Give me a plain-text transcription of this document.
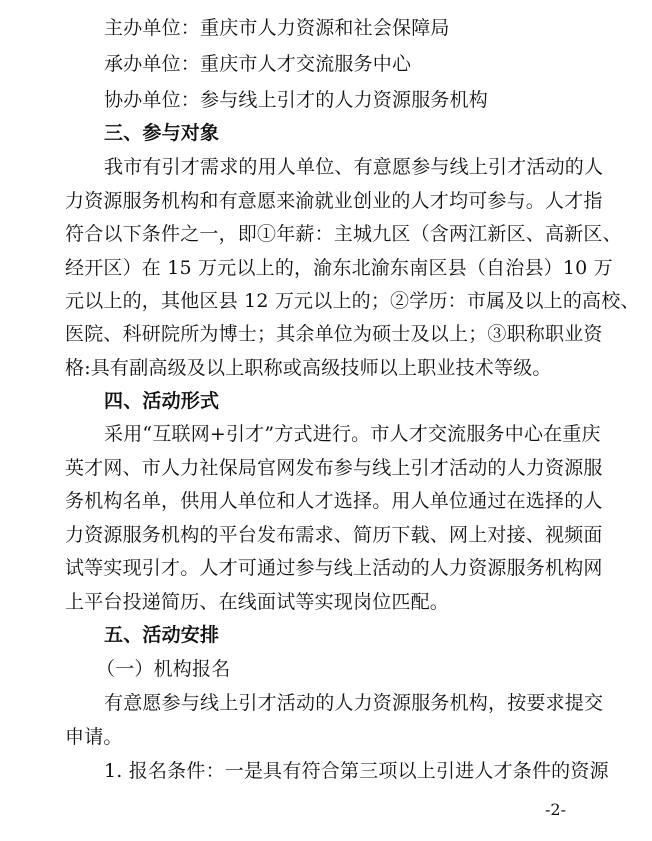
主办单位：重庆市人力资源和社会保障局
承办单位：重庆市人才交流服务中心
协办单位：参与线上引才的人力资源服务机构
三、参与对象
我市有引才需求的用人单位、有意愿参与线上引才活动的人
力资源服务机构和有意愿来渝就业创业的人才均可参与。人才指
符合以下条件之一，即①年薪：主城九区（含两江新区、高新区、
经开区）在 15 万元以上的，渝东北渝东南区县（自治县）10 万
元以上的，其他区县 12 万元以上的；②学历：市属及以上的高校、
医院、科研院所为博士；其余单位为硕士及以上；③职称职业资
格:具有副高级及以上职称或高级技师以上职业技术等级。
四、活动形式
采用“互联网+引才”方式进行。市人才交流服务中心在重庆
英才网、市人力社保局官网发布参与线上引才活动的人力资源服
务机构名单，供用人单位和人才选择。用人单位通过在选择的人
力资源服务机构的平台发布需求、简历下载、网上对接、视频面
试等实现引才。人才可通过参与线上活动的人力资源服务机构网
上平台投递简历、在线面试等实现岗位匹配。
五、活动安排
（一）机构报名
有意愿参与线上引才活动的人力资源服务机构，按要求提交
申请。
1. 报名条件：一是具有符合第三项以上引进人才条件的资源
-2-
